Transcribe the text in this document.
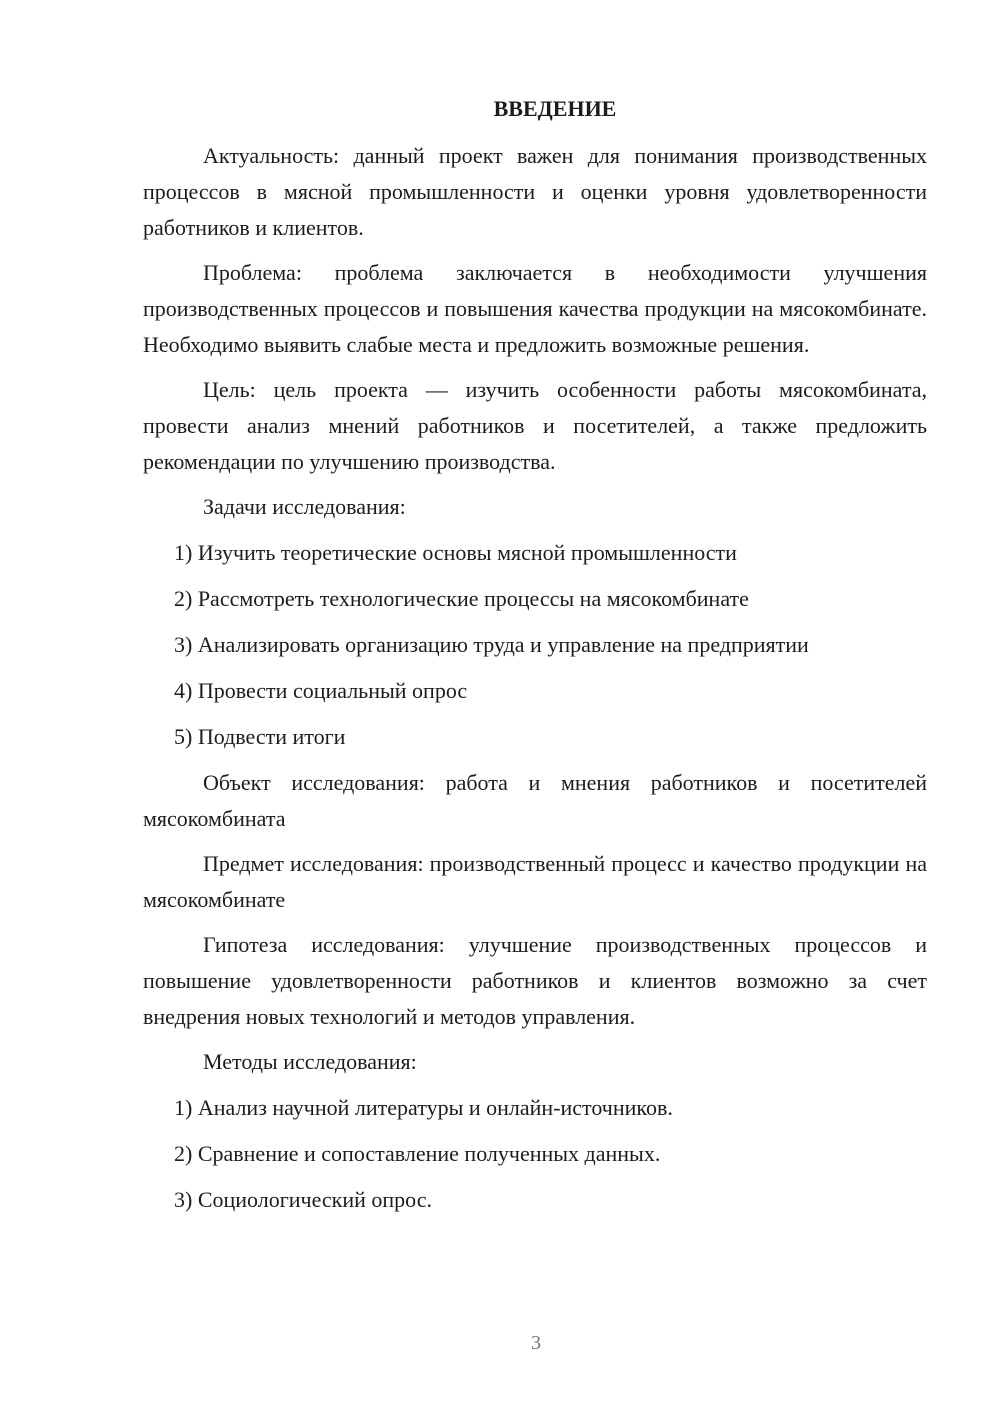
ВВЕДЕНИЕ

Актуальность: данный проект важен для понимания производственных процессов в мясной промышленности и оценки уровня удовлетворенности работников и клиентов.

Проблема: проблема заключается в необходимости улучшения производственных процессов и повышения качества продукции на мясокомбинате. Необходимо выявить слабые места и предложить возможные решения.

Цель: цель проекта — изучить особенности работы мясокомбината, провести анализ мнений работников и посетителей, а также предложить рекомендации по улучшению производства.

Задачи исследования:

1) Изучить теоретические основы мясной промышленности

2) Рассмотреть технологические процессы на мясокомбинате

3) Анализировать организацию труда и управление на предприятии

4) Провести социальный опрос

5) Подвести итоги

Объект исследования: работа и мнения работников и посетителей мясокомбината

Предмет исследования: производственный процесс и качество продукции на мясокомбинате

Гипотеза исследования: улучшение производственных процессов и повышение удовлетворенности работников и клиентов возможно за счет внедрения новых технологий и методов управления.

Методы исследования:

1) Анализ научной литературы и онлайн-источников.

2) Сравнение и сопоставление полученных данных.

3) Социологический опрос.

3
